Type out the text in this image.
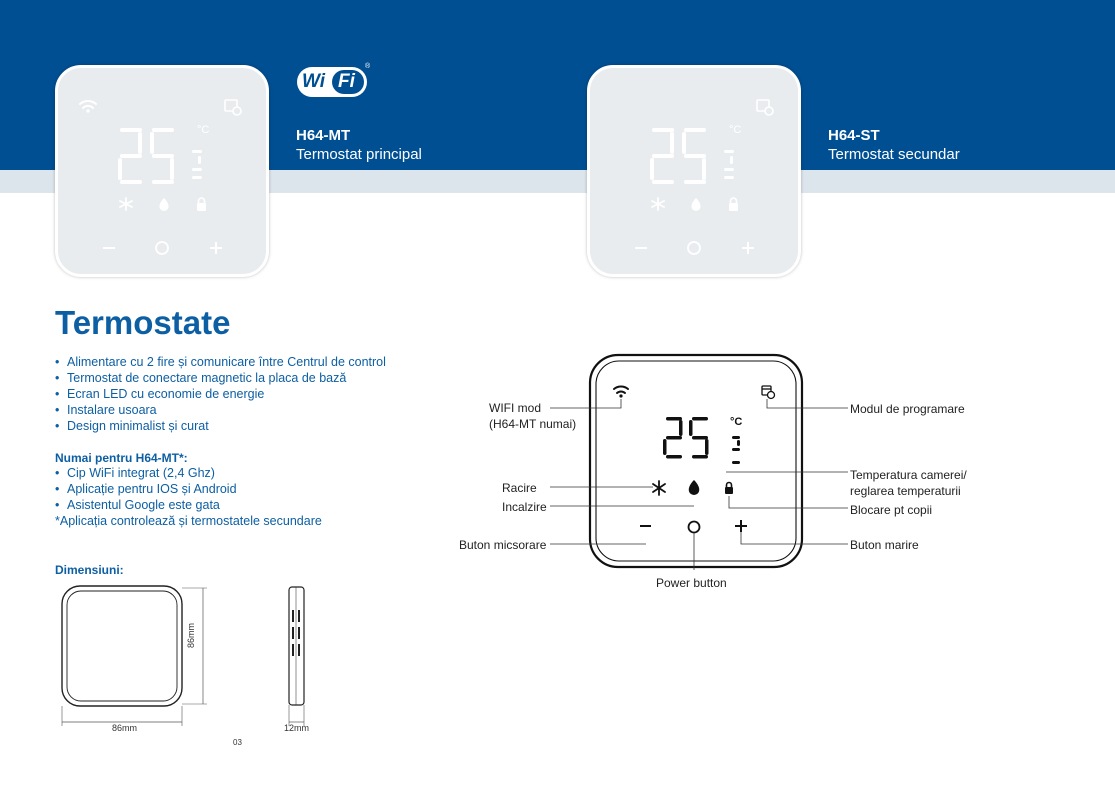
Wi Fi
®
H64-MT
Termostat principal
H64-ST
Termostat secundar
°C	°C
Termostate
• Alimentare cu 2 fire și comunicare între Centrul de control
• Termostat de conectare magnetic la placa de bază
• Ecran LED cu economie de energie
• Instalare usoara
• Design minimalist și curat
Numai pentru H64-MT*:
• Cip WiFi integrat (2,4 Ghz)
• Aplicație pentru IOS și Android
• Asistentul Google este gata
*Aplicația controlează și termostatele secundare
Dimensiuni:
86mm
86mm
12mm
03
°C
WIFI mod
(H64-MT numai)
Modul de programare
Temperatura camerei/
reglarea temperaturii
Racire
Incalzire	Blocare pt copii
Buton micsorare	Buton marire
Power button
